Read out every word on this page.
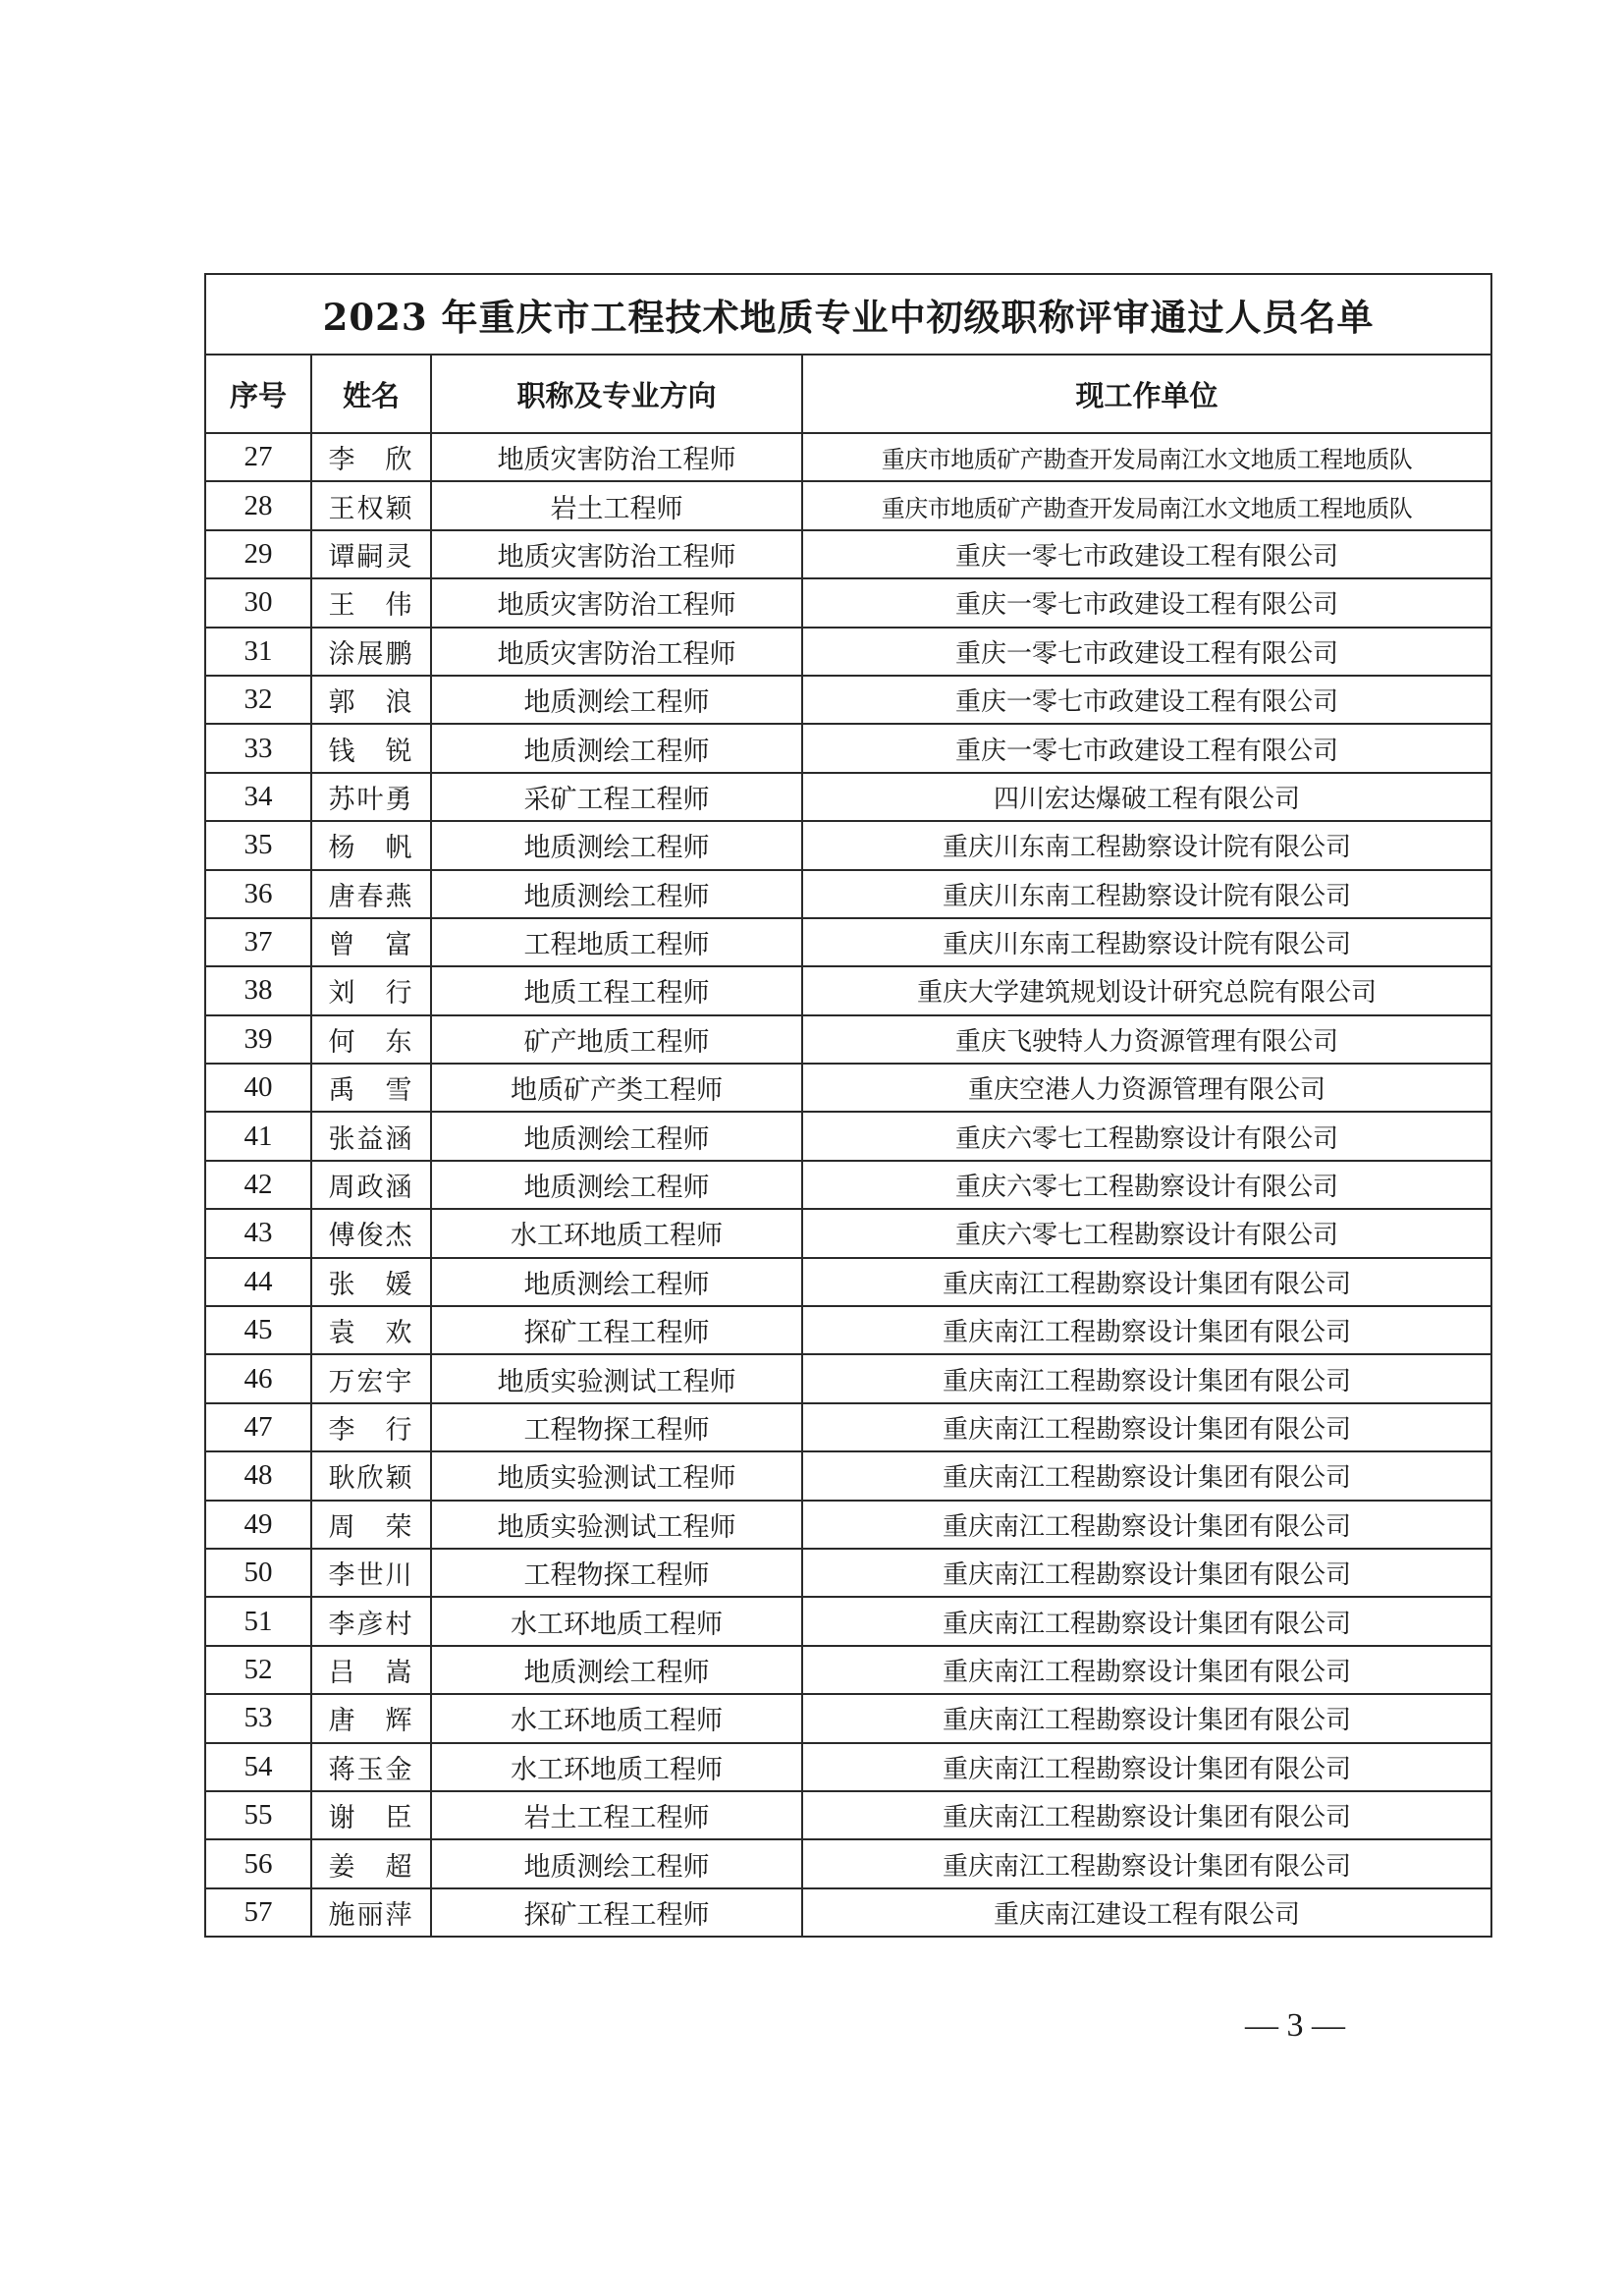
2023 年重庆市工程技术地质专业中初级职称评审通过人员名单			
序号	姓名	职称及专业方向	现工作单位
27	李　欣	地质灾害防治工程师	重庆市地质矿产勘查开发局南江水文地质工程地质队
28	王权颖	岩土工程师	重庆市地质矿产勘查开发局南江水文地质工程地质队
29	谭嗣灵	地质灾害防治工程师	重庆一零七市政建设工程有限公司
30	王　伟	地质灾害防治工程师	重庆一零七市政建设工程有限公司
31	涂展鹏	地质灾害防治工程师	重庆一零七市政建设工程有限公司
32	郭　浪	地质测绘工程师	重庆一零七市政建设工程有限公司
33	钱　锐	地质测绘工程师	重庆一零七市政建设工程有限公司
34	苏叶勇	采矿工程工程师	四川宏达爆破工程有限公司
35	杨　帆	地质测绘工程师	重庆川东南工程勘察设计院有限公司
36	唐春燕	地质测绘工程师	重庆川东南工程勘察设计院有限公司
37	曾　富	工程地质工程师	重庆川东南工程勘察设计院有限公司
38	刘　行	地质工程工程师	重庆大学建筑规划设计研究总院有限公司
39	何　东	矿产地质工程师	重庆飞驶特人力资源管理有限公司
40	禹　雪	地质矿产类工程师	重庆空港人力资源管理有限公司
41	张益涵	地质测绘工程师	重庆六零七工程勘察设计有限公司
42	周政涵	地质测绘工程师	重庆六零七工程勘察设计有限公司
43	傅俊杰	水工环地质工程师	重庆六零七工程勘察设计有限公司
44	张　媛	地质测绘工程师	重庆南江工程勘察设计集团有限公司
45	袁　欢	探矿工程工程师	重庆南江工程勘察设计集团有限公司
46	万宏宇	地质实验测试工程师	重庆南江工程勘察设计集团有限公司
47	李　行	工程物探工程师	重庆南江工程勘察设计集团有限公司
48	耿欣颖	地质实验测试工程师	重庆南江工程勘察设计集团有限公司
49	周　荣	地质实验测试工程师	重庆南江工程勘察设计集团有限公司
50	李世川	工程物探工程师	重庆南江工程勘察设计集团有限公司
51	李彦村	水工环地质工程师	重庆南江工程勘察设计集团有限公司
52	吕　嵩	地质测绘工程师	重庆南江工程勘察设计集团有限公司
53	唐　辉	水工环地质工程师	重庆南江工程勘察设计集团有限公司
54	蒋玉金	水工环地质工程师	重庆南江工程勘察设计集团有限公司
55	谢　臣	岩土工程工程师	重庆南江工程勘察设计集团有限公司
56	姜　超	地质测绘工程师	重庆南江工程勘察设计集团有限公司
57	施丽萍	探矿工程工程师	重庆南江建设工程有限公司
— 3 —
